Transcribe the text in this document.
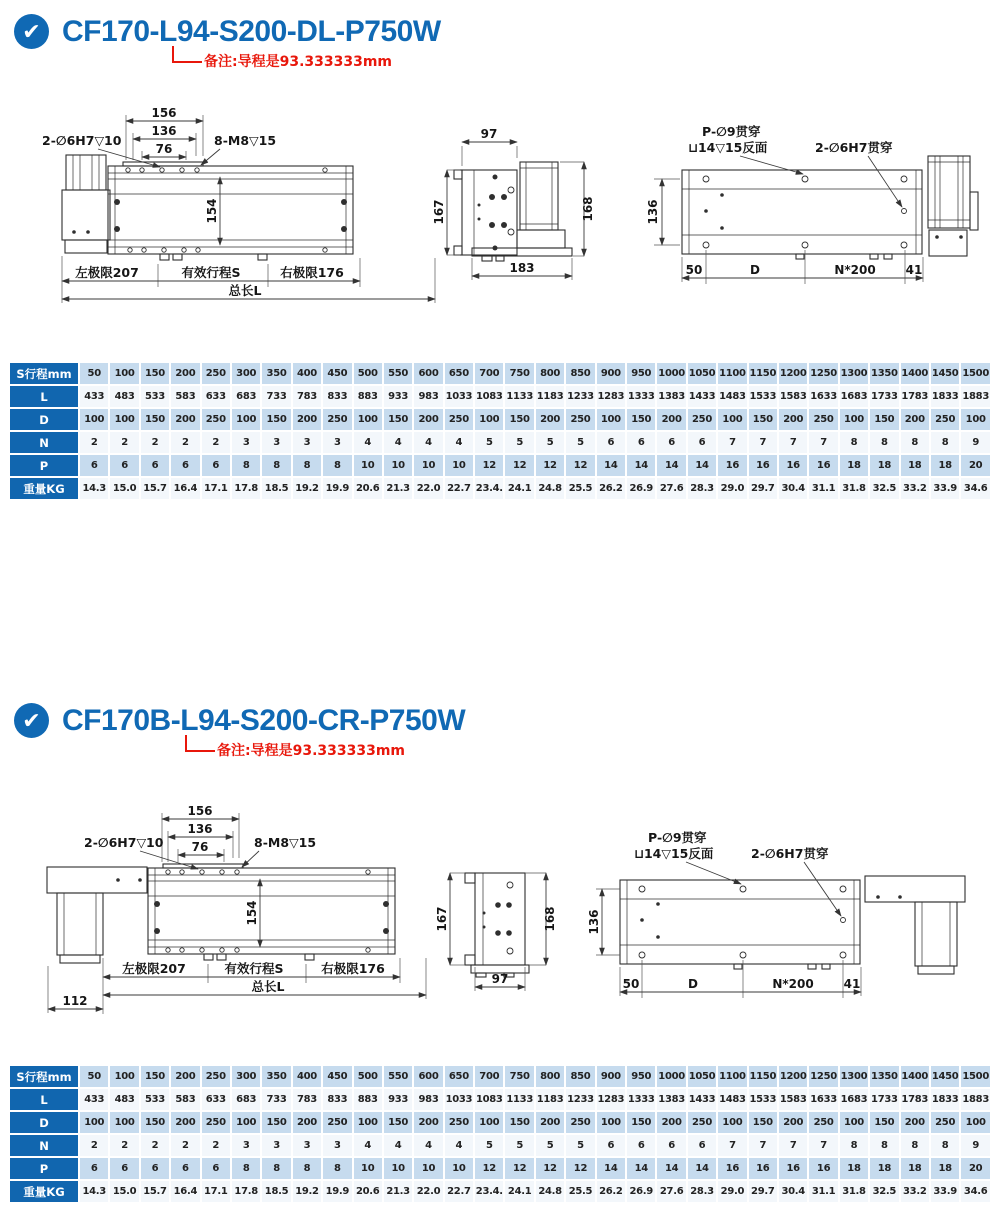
✔ CF170-L94-S200-DL-P750W
备注:导程是93.333333mm
156
136
76
2-∅6H7▽10	8-M8▽15
154
左极限207	有效行程S	右极限176
总长L
97
167	168
183
P-∅9贯穿
⊔14▽15反面	2-∅6H7贯穿
136
50	D	N*200 41
S行程mm	50	100	150	200	250	300	350	400	450	500	550	600	650	700	750	800	850	900	950	1000	1050	1100	1150	1200	1250	1300	1350	1400	1450	1500
L	433	483	533	583	633	683	733	783	833	883	933	983	1033	1083	1133	1183	1233	1283	1333	1383	1433	1483	1533	1583	1633	1683	1733	1783	1833	1883
D	100	100	150	200	250	100	150	200	250	100	150	200	250	100	150	200	250	100	150	200	250	100	150	200	250	100	150	200	250	100
N	2	2	2	2	2	3	3	3	3	4	4	4	4	5	5	5	5	6	6	6	6	7	7	7	7	8	8	8	8	9
P	6	6	6	6	6	8	8	8	8	10	10	10	10	12	12	12	12	14	14	14	14	16	16	16	16	18	18	18	18	20
重量KG	14.3	15.0	15.7	16.4	17.1	17.8	18.5	19.2	19.9	20.6	21.3	22.0	22.7	23.4.	24.1	24.8	25.5	26.2	26.9	27.6	28.3	29.0	29.7	30.4	31.1	31.8	32.5	33.2	33.9	34.6
✔ CF170B-L94-S200-CR-P750W
备注:导程是93.333333mm
156
136
76
2-∅6H7▽10	8-M8▽15
154
左极限207	有效行程S	右极限176
总长L
112
167	168
97
P-∅9贯穿
⊔14▽15反面	2-∅6H7贯穿
136
50	D	N*200 41
S行程mm	50	100	150	200	250	300	350	400	450	500	550	600	650	700	750	800	850	900	950	1000	1050	1100	1150	1200	1250	1300	1350	1400	1450	1500
L	433	483	533	583	633	683	733	783	833	883	933	983	1033	1083	1133	1183	1233	1283	1333	1383	1433	1483	1533	1583	1633	1683	1733	1783	1833	1883
D	100	100	150	200	250	100	150	200	250	100	150	200	250	100	150	200	250	100	150	200	250	100	150	200	250	100	150	200	250	100
N	2	2	2	2	2	3	3	3	3	4	4	4	4	5	5	5	5	6	6	6	6	7	7	7	7	8	8	8	8	9
P	6	6	6	6	6	8	8	8	8	10	10	10	10	12	12	12	12	14	14	14	14	16	16	16	16	18	18	18	18	20
重量KG	14.3	15.0	15.7	16.4	17.1	17.8	18.5	19.2	19.9	20.6	21.3	22.0	22.7	23.4.	24.1	24.8	25.5	26.2	26.9	27.6	28.3	29.0	29.7	30.4	31.1	31.8	32.5	33.2	33.9	34.6
